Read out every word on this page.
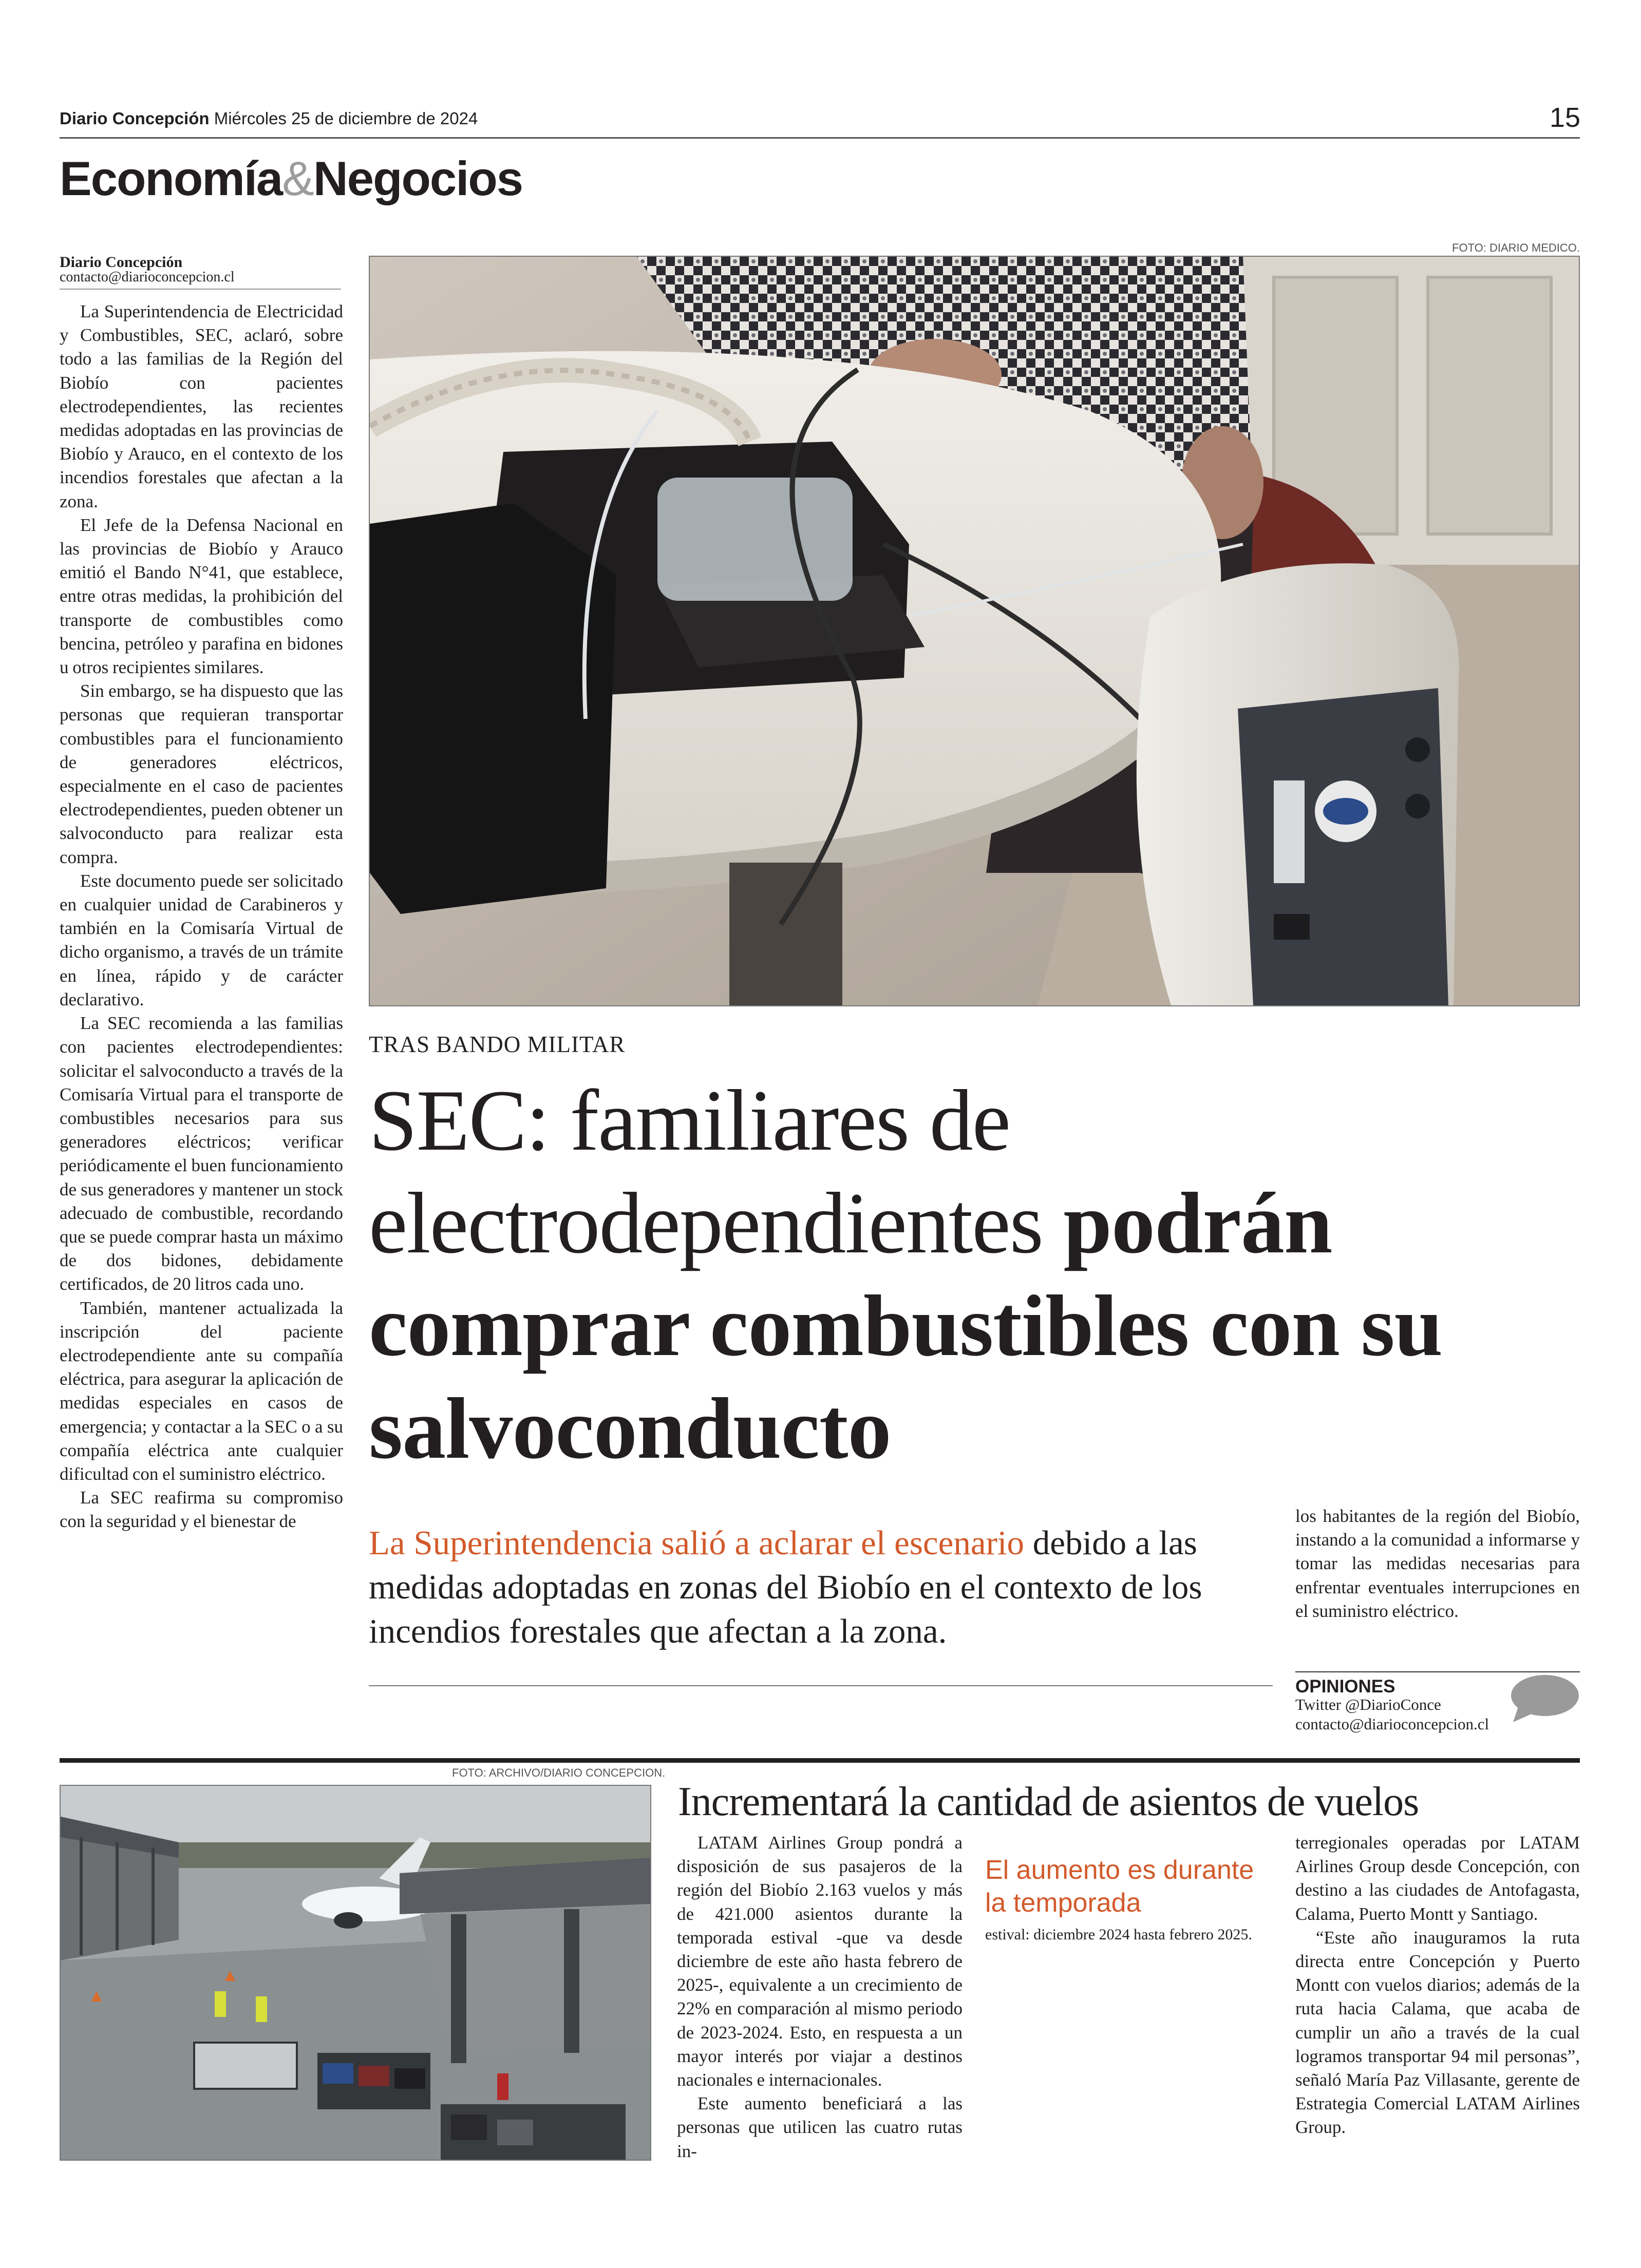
Diario Concepción Miércoles 25 de diciembre de 2024	15
Economía&Negocios
Diario Concepción
contacto@diarioconcepcion.cl

La Superintendencia de Electricidad y Combustibles, SEC, aclaró, sobre todo a las familias de la Región del Biobío con pacientes electrodependientes, las recientes medidas adoptadas en las provincias de Biobío y Arauco, en el contexto de los incendios forestales que afectan a la zona.

El Jefe de la Defensa Nacional en las provincias de Biobío y Arauco emitió el Bando N°41, que establece, entre otras medidas, la prohibición del transporte de combustibles como bencina, petróleo y parafina en bidones u otros recipientes similares.

Sin embargo, se ha dispuesto que las personas que requieran transportar combustibles para el funcionamiento de generadores eléctricos, especialmente en el caso de pacientes electrodependientes, pueden obtener un salvoconducto para realizar esta compra.

Este documento puede ser solicitado en cualquier unidad de Carabineros y también en la Comisaría Virtual de dicho organismo, a través de un trámite en línea, rápido y de carácter declarativo.

La SEC recomienda a las familias con pacientes electrodependientes: solicitar el salvoconducto a través de la Comisaría Virtual para el transporte de combustibles necesarios para sus generadores eléctricos; verificar periódicamente el buen funcionamiento de sus generadores y mantener un stock adecuado de combustible, recordando que se puede comprar hasta un máximo de dos bidones, debidamente certificados, de 20 litros cada uno.

También, mantener actualizada la inscripción del paciente electrodependiente ante su compañía eléctrica, para asegurar la aplicación de medidas especiales en casos de emergencia; y contactar a la SEC o a su compañía eléctrica ante cualquier dificultad con el suministro eléctrico.

La SEC reafirma su compromiso con la seguridad y el bienestar de

FOTO: DIARIO MEDICO.
TRAS BANDO MILITAR
SEC: familiares de electrodependientes podrán comprar combustibles con su salvoconducto
La Superintendencia salió a aclarar el escenario debido a las medidas adoptadas en zonas del Biobío en el contexto de los incendios forestales que afectan a la zona.

los habitantes de la región del Biobío, instando a la comunidad a informarse y tomar las medidas necesarias para enfrentar eventuales interrupciones en el suministro eléctrico.

OPINIONES
Twitter @DiarioConce
contacto@diarioconcepcion.cl
FOTO: ARCHIVO/DIARIO CONCEPCION.
Incrementará la cantidad de asientos de vuelos

LATAM Airlines Group pondrá a disposición de sus pasajeros de la región del Biobío 2.163 vuelos y más de 421.000 asientos durante la temporada estival -que va desde diciembre de este año hasta febrero de 2025-, equivalente a un crecimiento de 22% en comparación al mismo periodo de 2023-2024. Esto, en respuesta a un mayor interés por viajar a destinos nacionales e internacionales.

Este aumento beneficiará a las personas que utilicen las cuatro rutas in-

El aumento es durante la temporada
estival: diciembre 2024 hasta febrero 2025.

terregionales operadas por LATAM Airlines Group desde Concepción, con destino a las ciudades de Antofagasta, Calama, Puerto Montt y Santiago.

“Este año inauguramos la ruta directa entre Concepción y Puerto Montt con vuelos diarios; además de la ruta hacia Calama, que acaba de cumplir un año a través de la cual logramos transportar 94 mil personas”, señaló María Paz Villasante, gerente de Estrategia Comercial LATAM Airlines Group.
